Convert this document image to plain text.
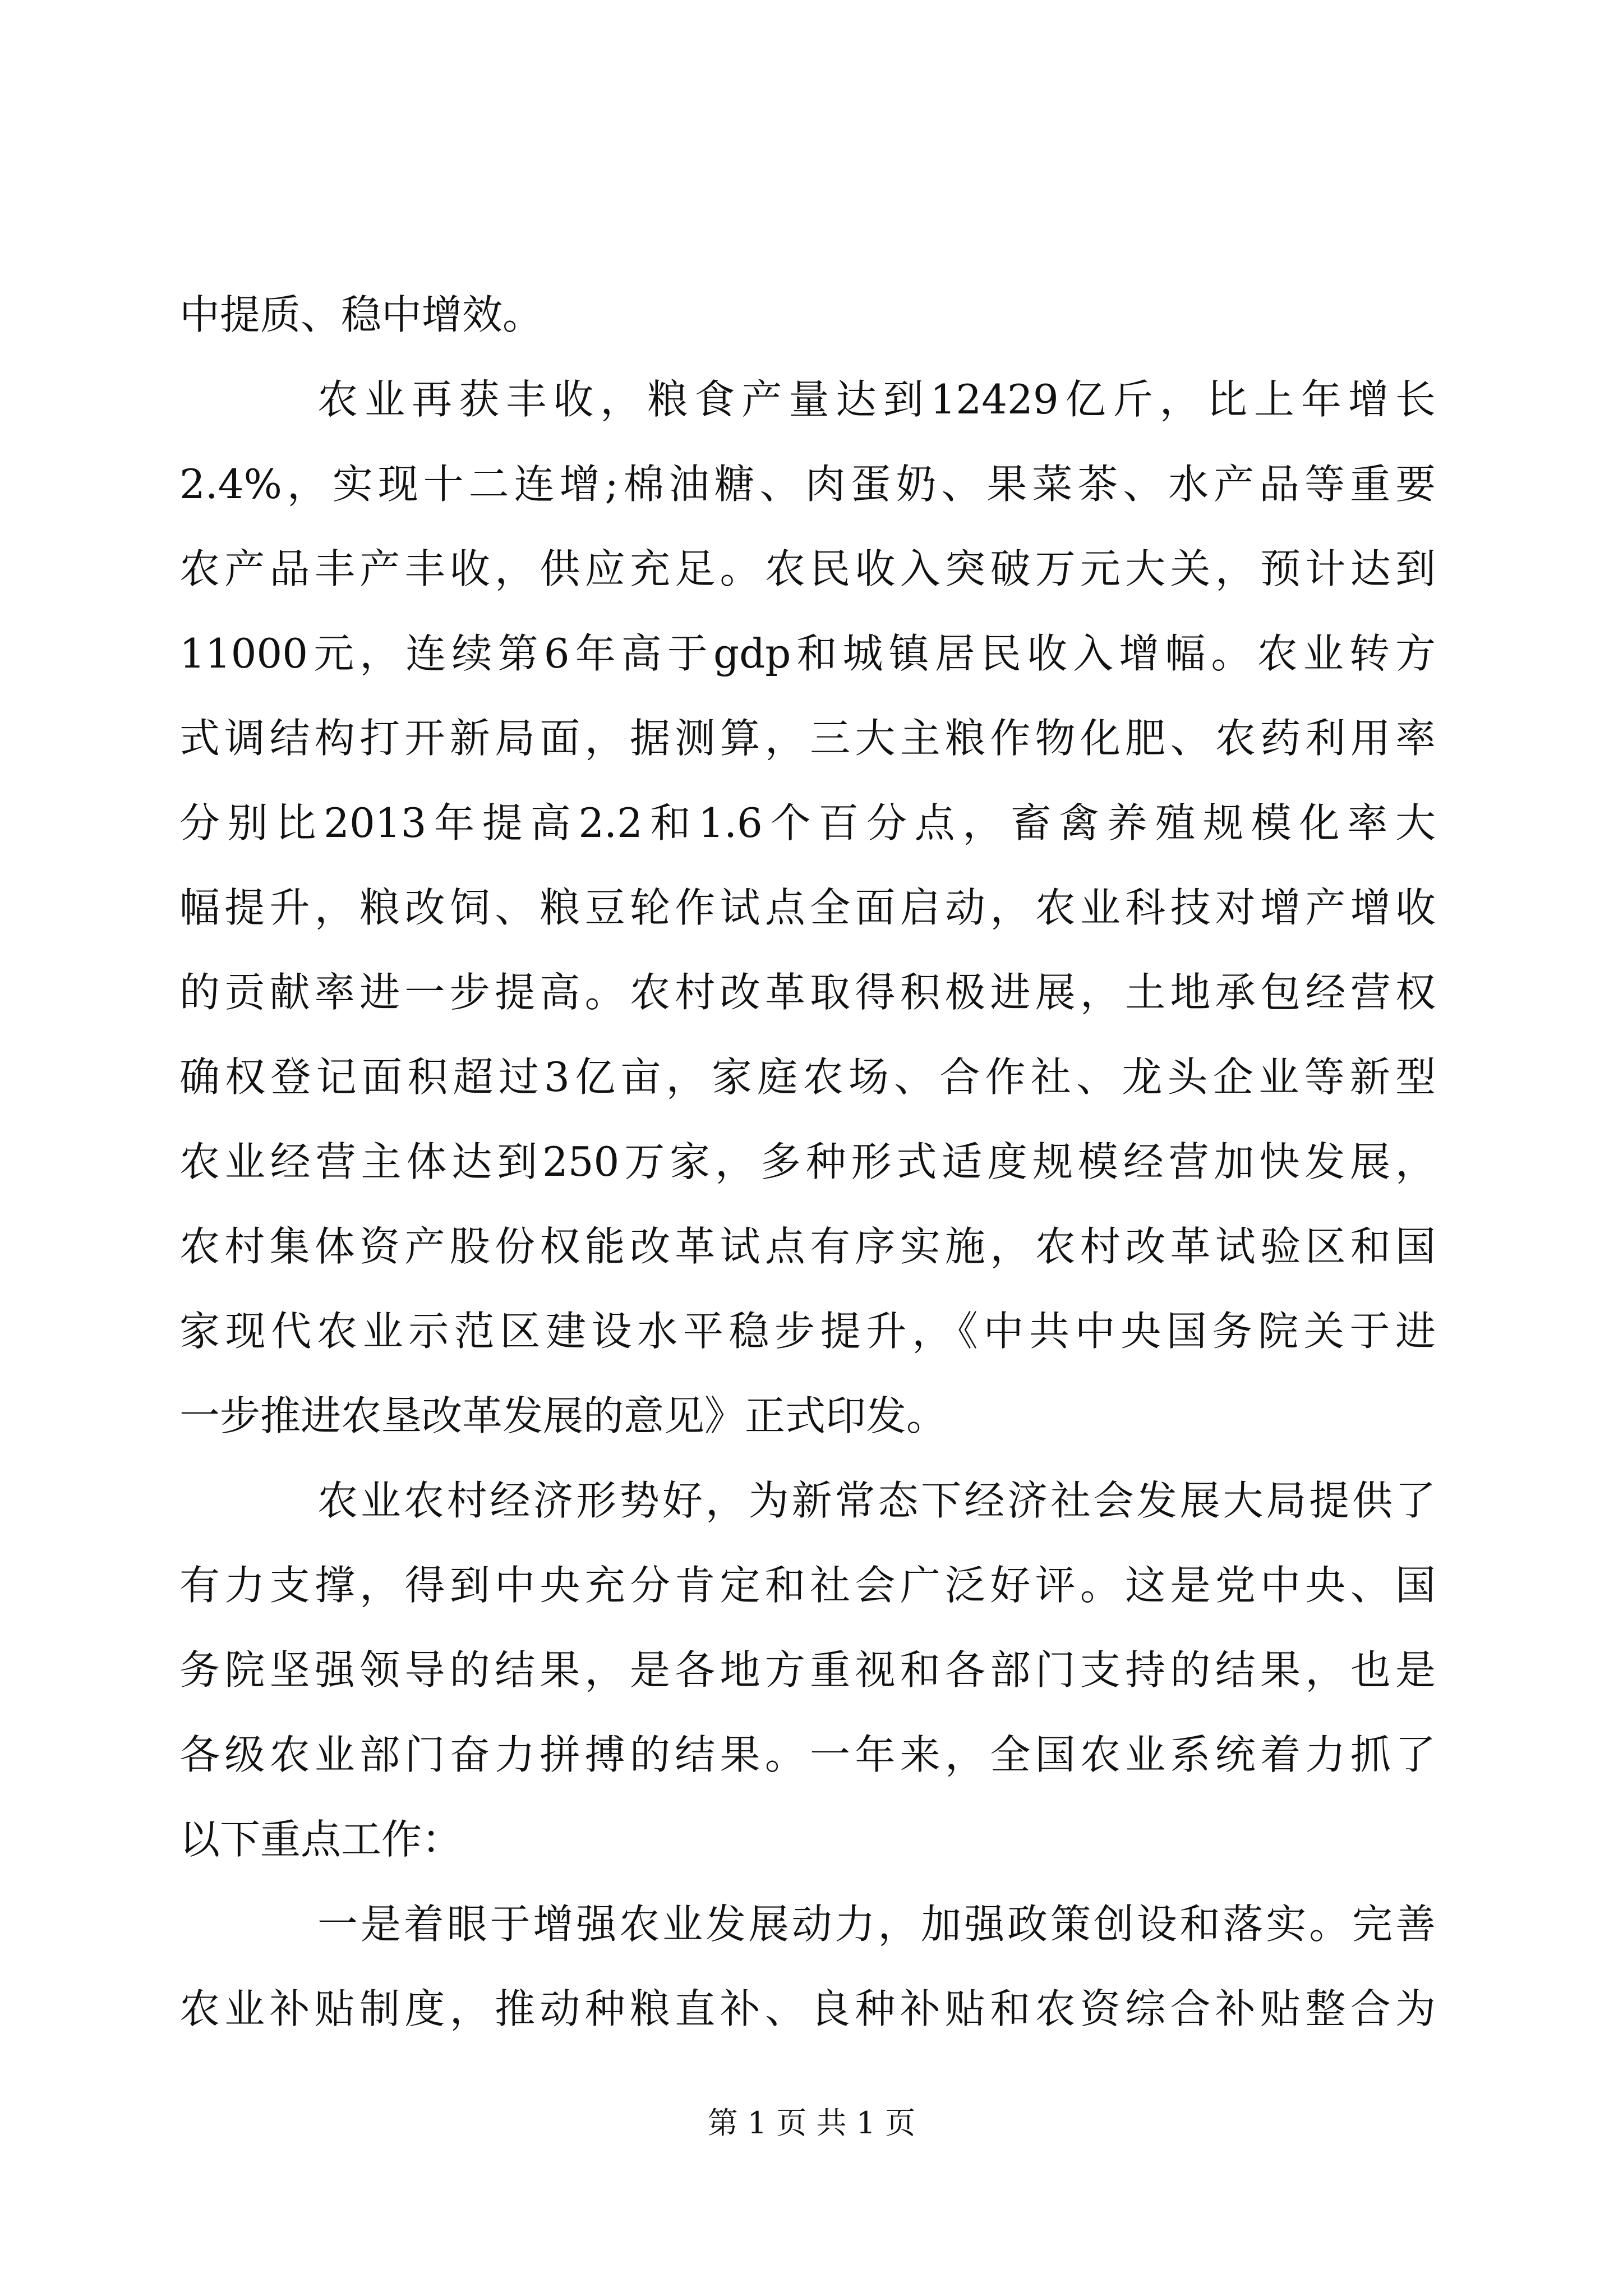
中提质、稳中增效。
农业再获丰收，粮食产量达到12429亿斤，比上年增长
2.4%，实现十二连增;棉油糖、肉蛋奶、果菜茶、水产品等重要
农产品丰产丰收，供应充足。农民收入突破万元大关，预计达到
11000元，连续第6年高于gdp和城镇居民收入增幅。农业转方
式调结构打开新局面，据测算，三大主粮作物化肥、农药利用率
分别比2013年提高2.2和1.6个百分点，畜禽养殖规模化率大
幅提升，粮改饲、粮豆轮作试点全面启动，农业科技对增产增收
的贡献率进一步提高。农村改革取得积极进展，土地承包经营权
确权登记面积超过3亿亩，家庭农场、合作社、龙头企业等新型
农业经营主体达到250万家，多种形式适度规模经营加快发展，
农村集体资产股份权能改革试点有序实施，农村改革试验区和国
家现代农业示范区建设水平稳步提升，《中共中央国务院关于进
一步推进农垦改革发展的意见》正式印发。
农业农村经济形势好，为新常态下经济社会发展大局提供了
有力支撑，得到中央充分肯定和社会广泛好评。这是党中央、国
务院坚强领导的结果，是各地方重视和各部门支持的结果，也是
各级农业部门奋力拼搏的结果。一年来，全国农业系统着力抓了
以下重点工作：
一是着眼于增强农业发展动力，加强政策创设和落实。完善
农业补贴制度，推动种粮直补、良种补贴和农资综合补贴整合为
第 1 页 共 1 页
